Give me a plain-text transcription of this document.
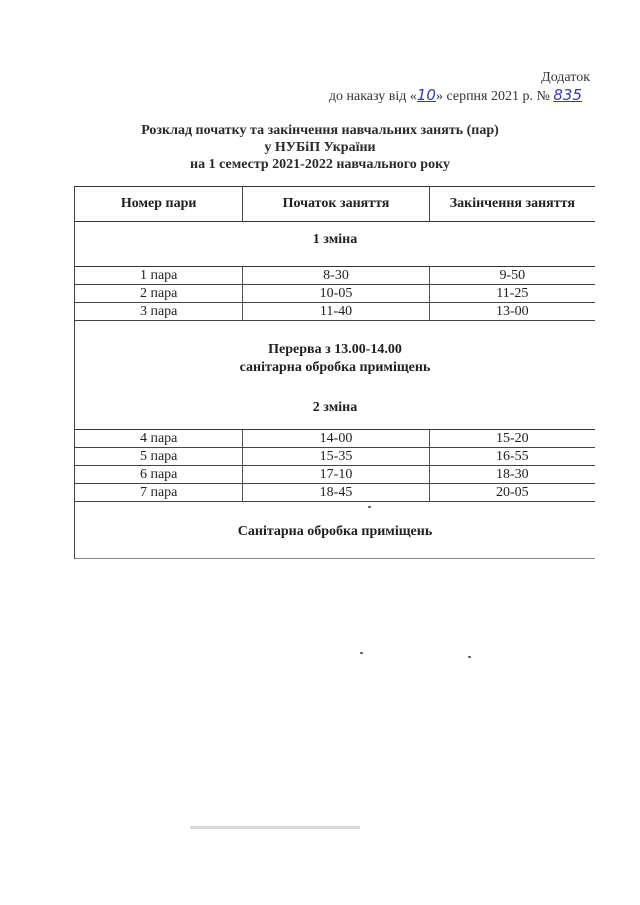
Додаток
до наказу від «10» серпня 2021 р. № 835
Розклад початку та закінчення навчальних занять (пар)
у НУБіП України
на 1 семестр 2021-2022 навчального року
Номер пари	Початок заняття	Закінчення заняття
1 зміна
1 пара	8-30	9-50
2 пара	10-05	11-25
3 пара	11-40	13-00
Перерва з 13.00-14.00
санітарна обробка приміщень
2 зміна
4 пара	14-00	15-20
5 пара	15-35	16-55
6 пара	17-10	18-30
7 пара	18-45	20-05
Санітарна обробка приміщень
